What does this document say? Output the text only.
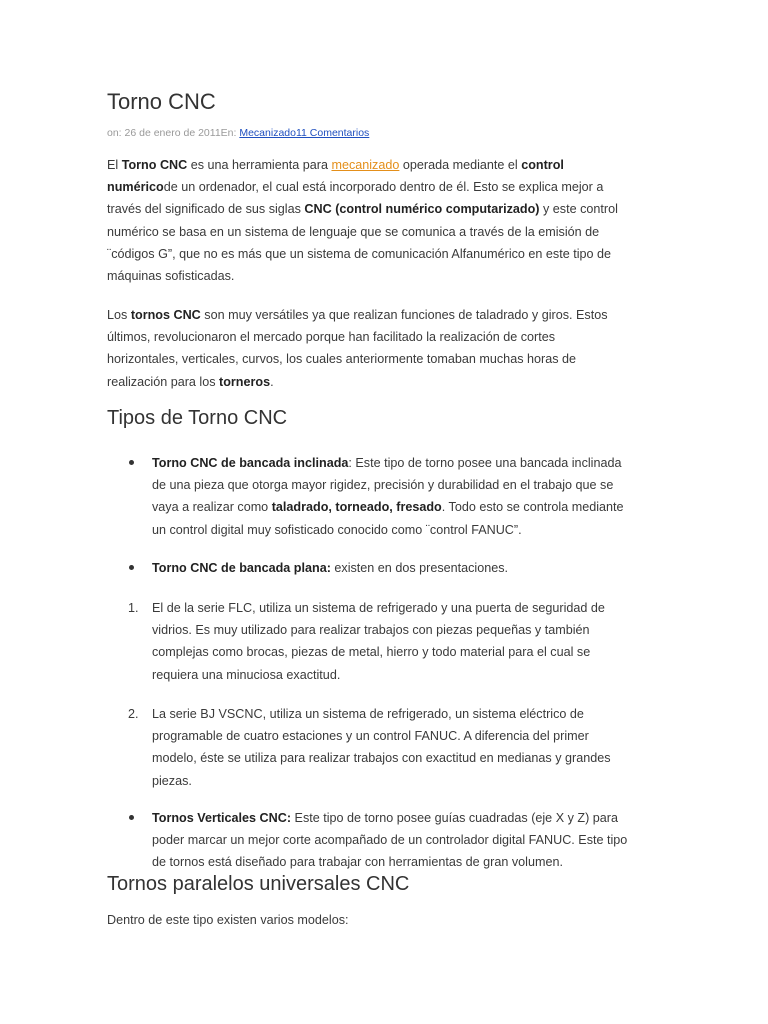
Torno CNC
on: 26 de enero de 2011En: Mecanizado11 Comentarios
El Torno CNC es una herramienta para mecanizado operada mediante el control
numéricode un ordenador, el cual está incorporado dentro de él. Esto se explica mejor a
través del significado de sus siglas CNC (control numérico computarizado) y este control
numérico se basa en un sistema de lenguaje que se comunica a través de la emisión de
¨códigos G”, que no es más que un sistema de comunicación Alfanumérico en este tipo de
máquinas sofisticadas.
Los tornos CNC son muy versátiles ya que realizan funciones de taladrado y giros. Estos
últimos, revolucionaron el mercado porque han facilitado la realización de cortes
horizontales, verticales, curvos, los cuales anteriormente tomaban muchas horas de
realización para los torneros.
Tipos de Torno CNC
Torno CNC de bancada inclinada: Este tipo de torno posee una bancada inclinada
de una pieza que otorga mayor rigidez, precisión y durabilidad en el trabajo que se
vaya a realizar como taladrado, torneado, fresado. Todo esto se controla mediante
un control digital muy sofisticado conocido como ¨control FANUC”.
Torno CNC de bancada plana: existen en dos presentaciones.
1. El de la serie FLC, utiliza un sistema de refrigerado y una puerta de seguridad de
vidrios. Es muy utilizado para realizar trabajos con piezas pequeñas y también
complejas como brocas, piezas de metal, hierro y todo material para el cual se
requiera una minuciosa exactitud.
2. La serie BJ VSCNC, utiliza un sistema de refrigerado, un sistema eléctrico de
programable de cuatro estaciones y un control FANUC. A diferencia del primer
modelo, éste se utiliza para realizar trabajos con exactitud en medianas y grandes
piezas.
Tornos Verticales CNC: Este tipo de torno posee guías cuadradas (eje X y Z) para
poder marcar un mejor corte acompañado de un controlador digital FANUC. Este tipo
de tornos está diseñado para trabajar con herramientas de gran volumen.
Tornos paralelos universales CNC
Dentro de este tipo existen varios modelos:
